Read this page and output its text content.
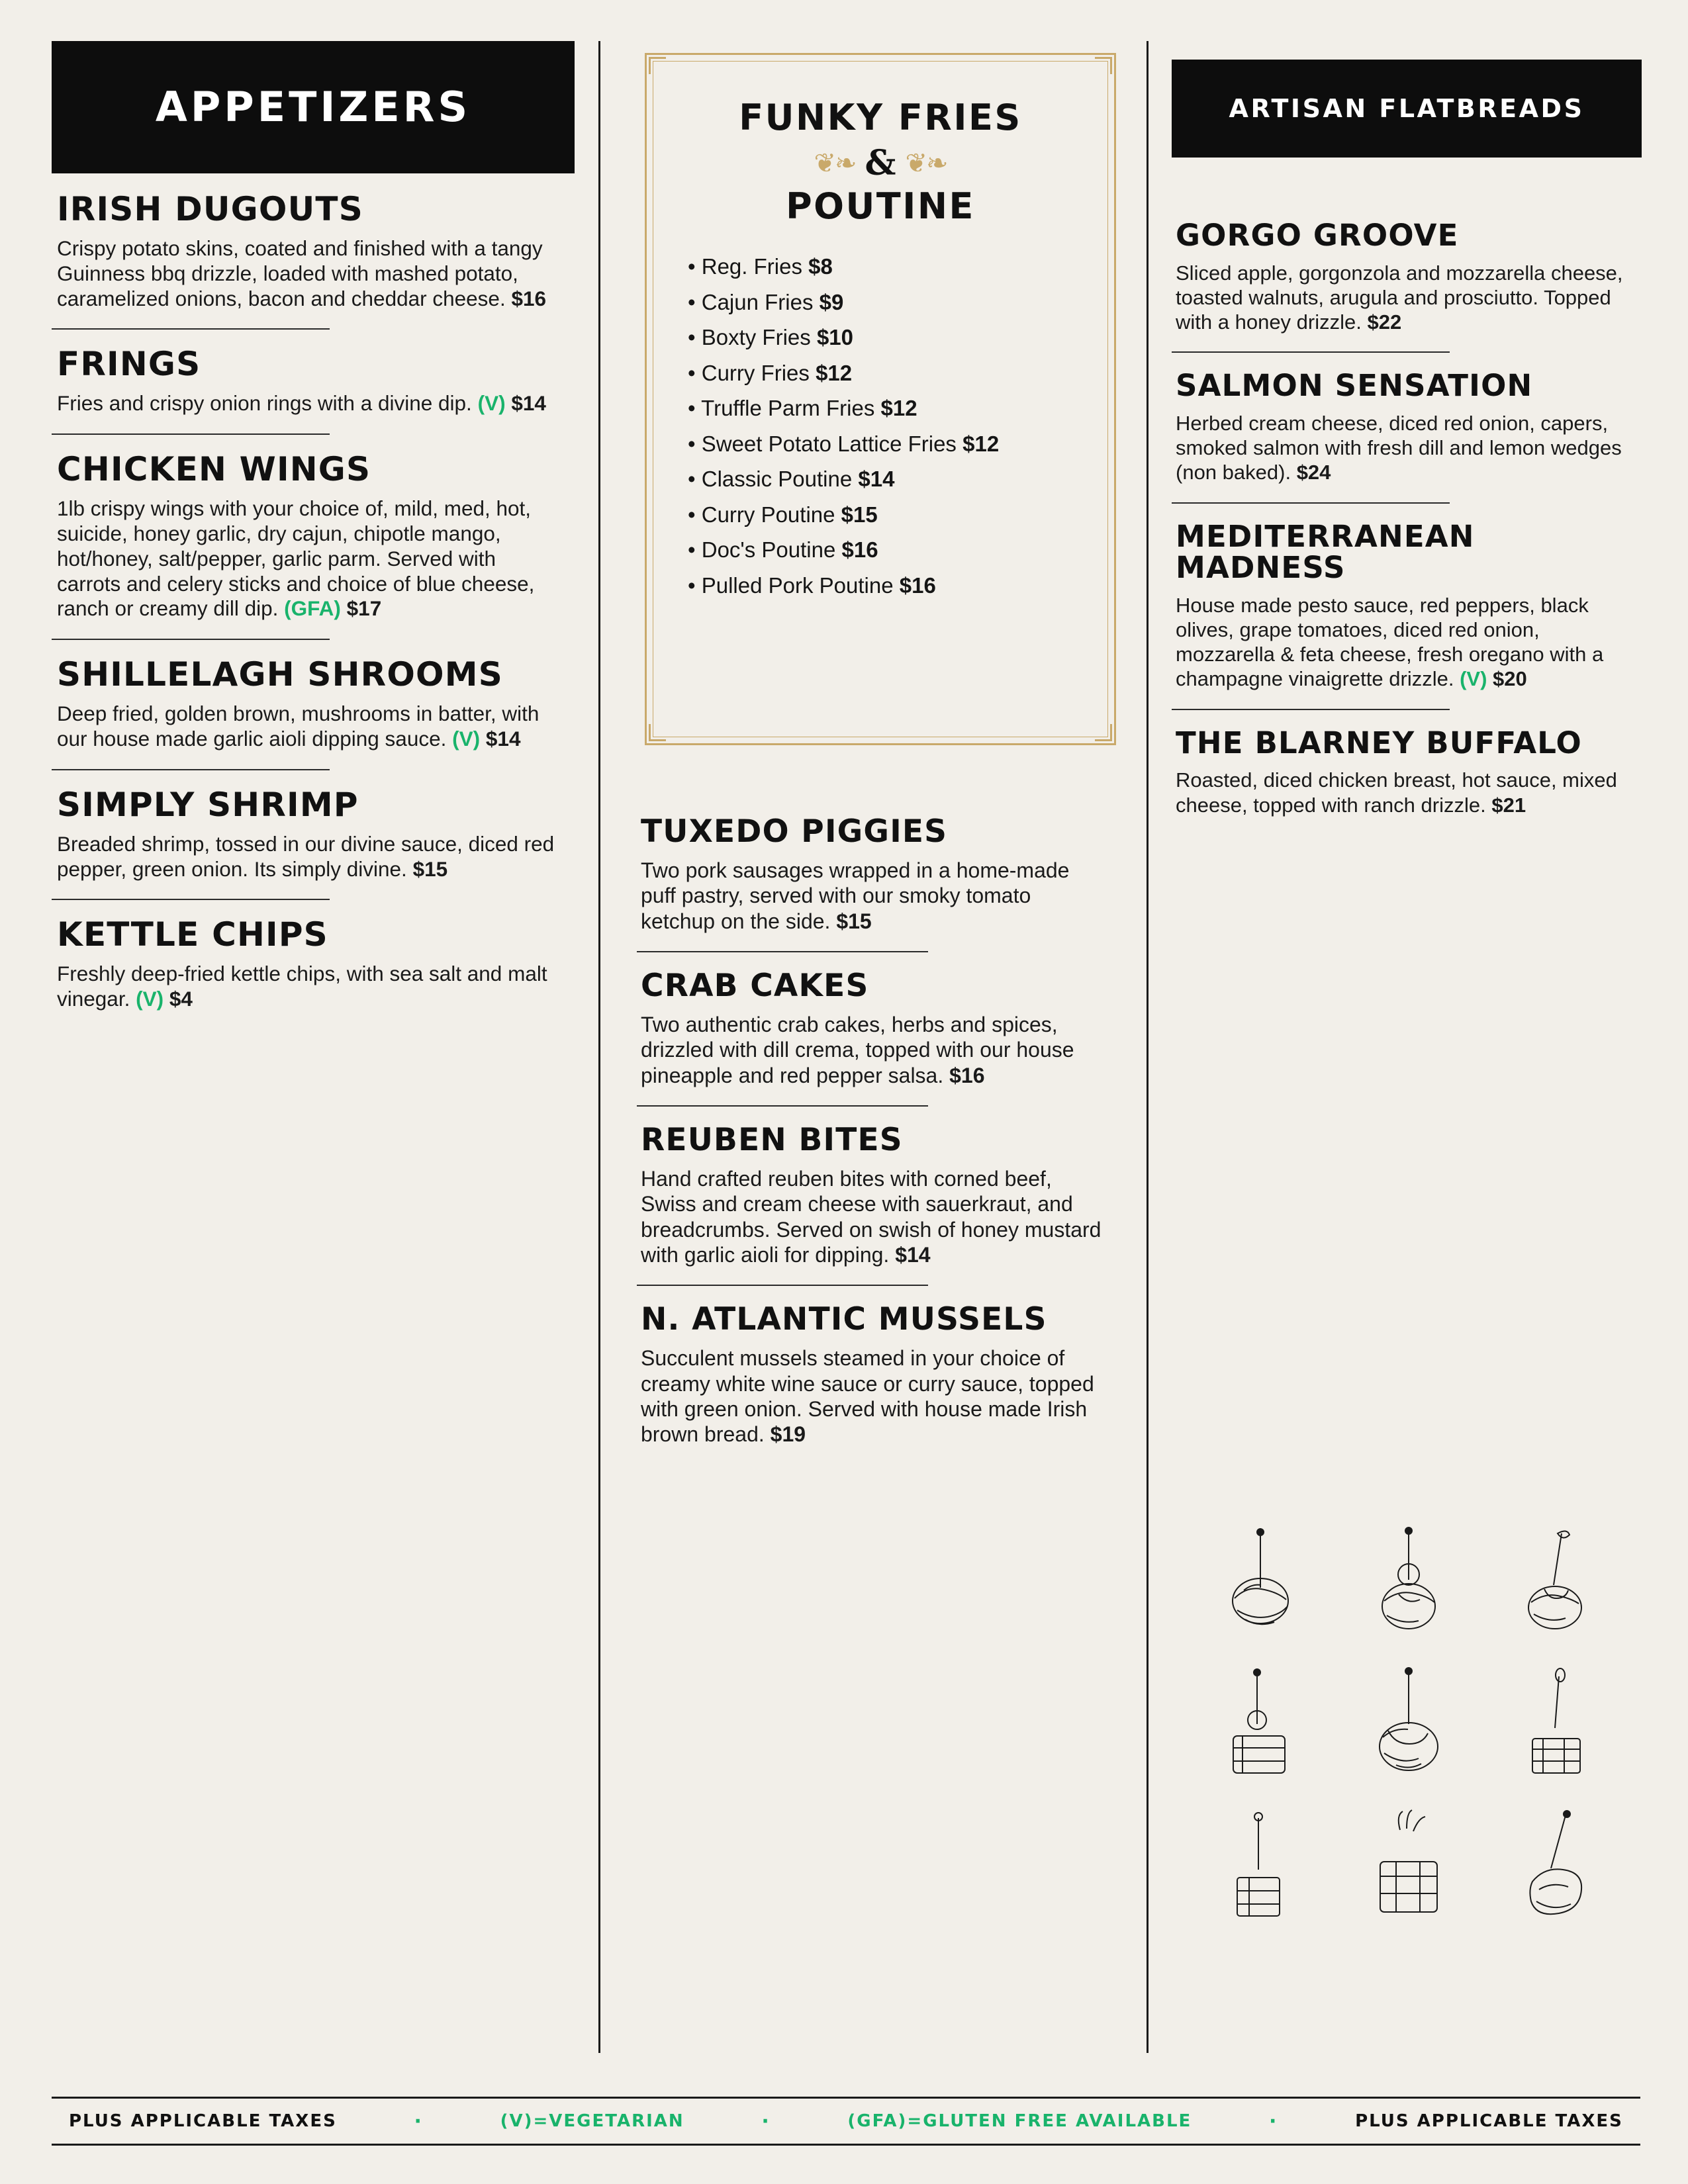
APPETIZERS
IRISH DUGOUTS

Crispy potato skins, coated and finished with a tangy Guinness bbq drizzle, loaded with mashed potato, caramelized onions, bacon and cheddar cheese. $16

FRINGS

Fries and crispy onion rings with a divine dip. (V) $14

CHICKEN WINGS

1lb crispy wings with your choice of, mild, med, hot, suicide, honey garlic, dry cajun, chipotle mango, hot/honey, salt/pepper, garlic parm. Served with carrots and celery sticks and choice of blue cheese, ranch or creamy dill dip. (GFA) $17

SHILLELAGH SHROOMS

Deep fried, golden brown, mushrooms in batter, with our house made garlic aioli dipping sauce. (V) $14

SIMPLY SHRIMP

Breaded shrimp, tossed in our divine sauce, diced red pepper, green onion. Its simply divine. $15

KETTLE CHIPS

Freshly deep-fried kettle chips, with sea salt and malt vinegar. (V) $4

FUNKY FRIES
❦❧ & ❦❧
POUTINE
• Reg. Fries $8
• Cajun Fries $9
• Boxty Fries $10
• Curry Fries $12
• Truffle Parm Fries $12
• Sweet Potato Lattice Fries $12
• Classic Poutine $14
• Curry Poutine $15
• Doc's Poutine $16
• Pulled Pork Poutine $16
TUXEDO PIGGIES

Two pork sausages wrapped in a home-made puff pastry, served with our smoky tomato ketchup on the side. $15

CRAB CAKES

Two authentic crab cakes, herbs and spices, drizzled with dill crema, topped with our house pineapple and red pepper salsa. $16

REUBEN BITES

Hand crafted reuben bites with corned beef, Swiss and cream cheese with sauerkraut, and breadcrumbs. Served on swish of honey mustard with garlic aioli for dipping. $14

N. ATLANTIC MUSSELS

Succulent mussels steamed in your choice of creamy white wine sauce or curry sauce, topped with green onion. Served with house made Irish brown bread. $19

ARTISAN FLATBREADS
GORGO GROOVE

Sliced apple, gorgonzola and mozzarella cheese, toasted walnuts, arugula and prosciutto. Topped with a honey drizzle. $22

SALMON SENSATION

Herbed cream cheese, diced red onion, capers, smoked salmon with fresh dill and lemon wedges (non baked). $24

MEDITERRANEAN MADNESS

House made pesto sauce, red peppers, black olives, grape tomatoes, diced red onion, mozzarella & feta cheese, fresh oregano with a champagne vinaigrette drizzle. (V) $20

THE BLARNEY BUFFALO

Roasted, diced chicken breast, hot sauce, mixed cheese, topped with ranch drizzle. $21

PLUS APPLICABLE TAXES	·	(V)=VEGETARIAN	·	(GFA)=GLUTEN FREE AVAILABLE	·	PLUS APPLICABLE TAXES
